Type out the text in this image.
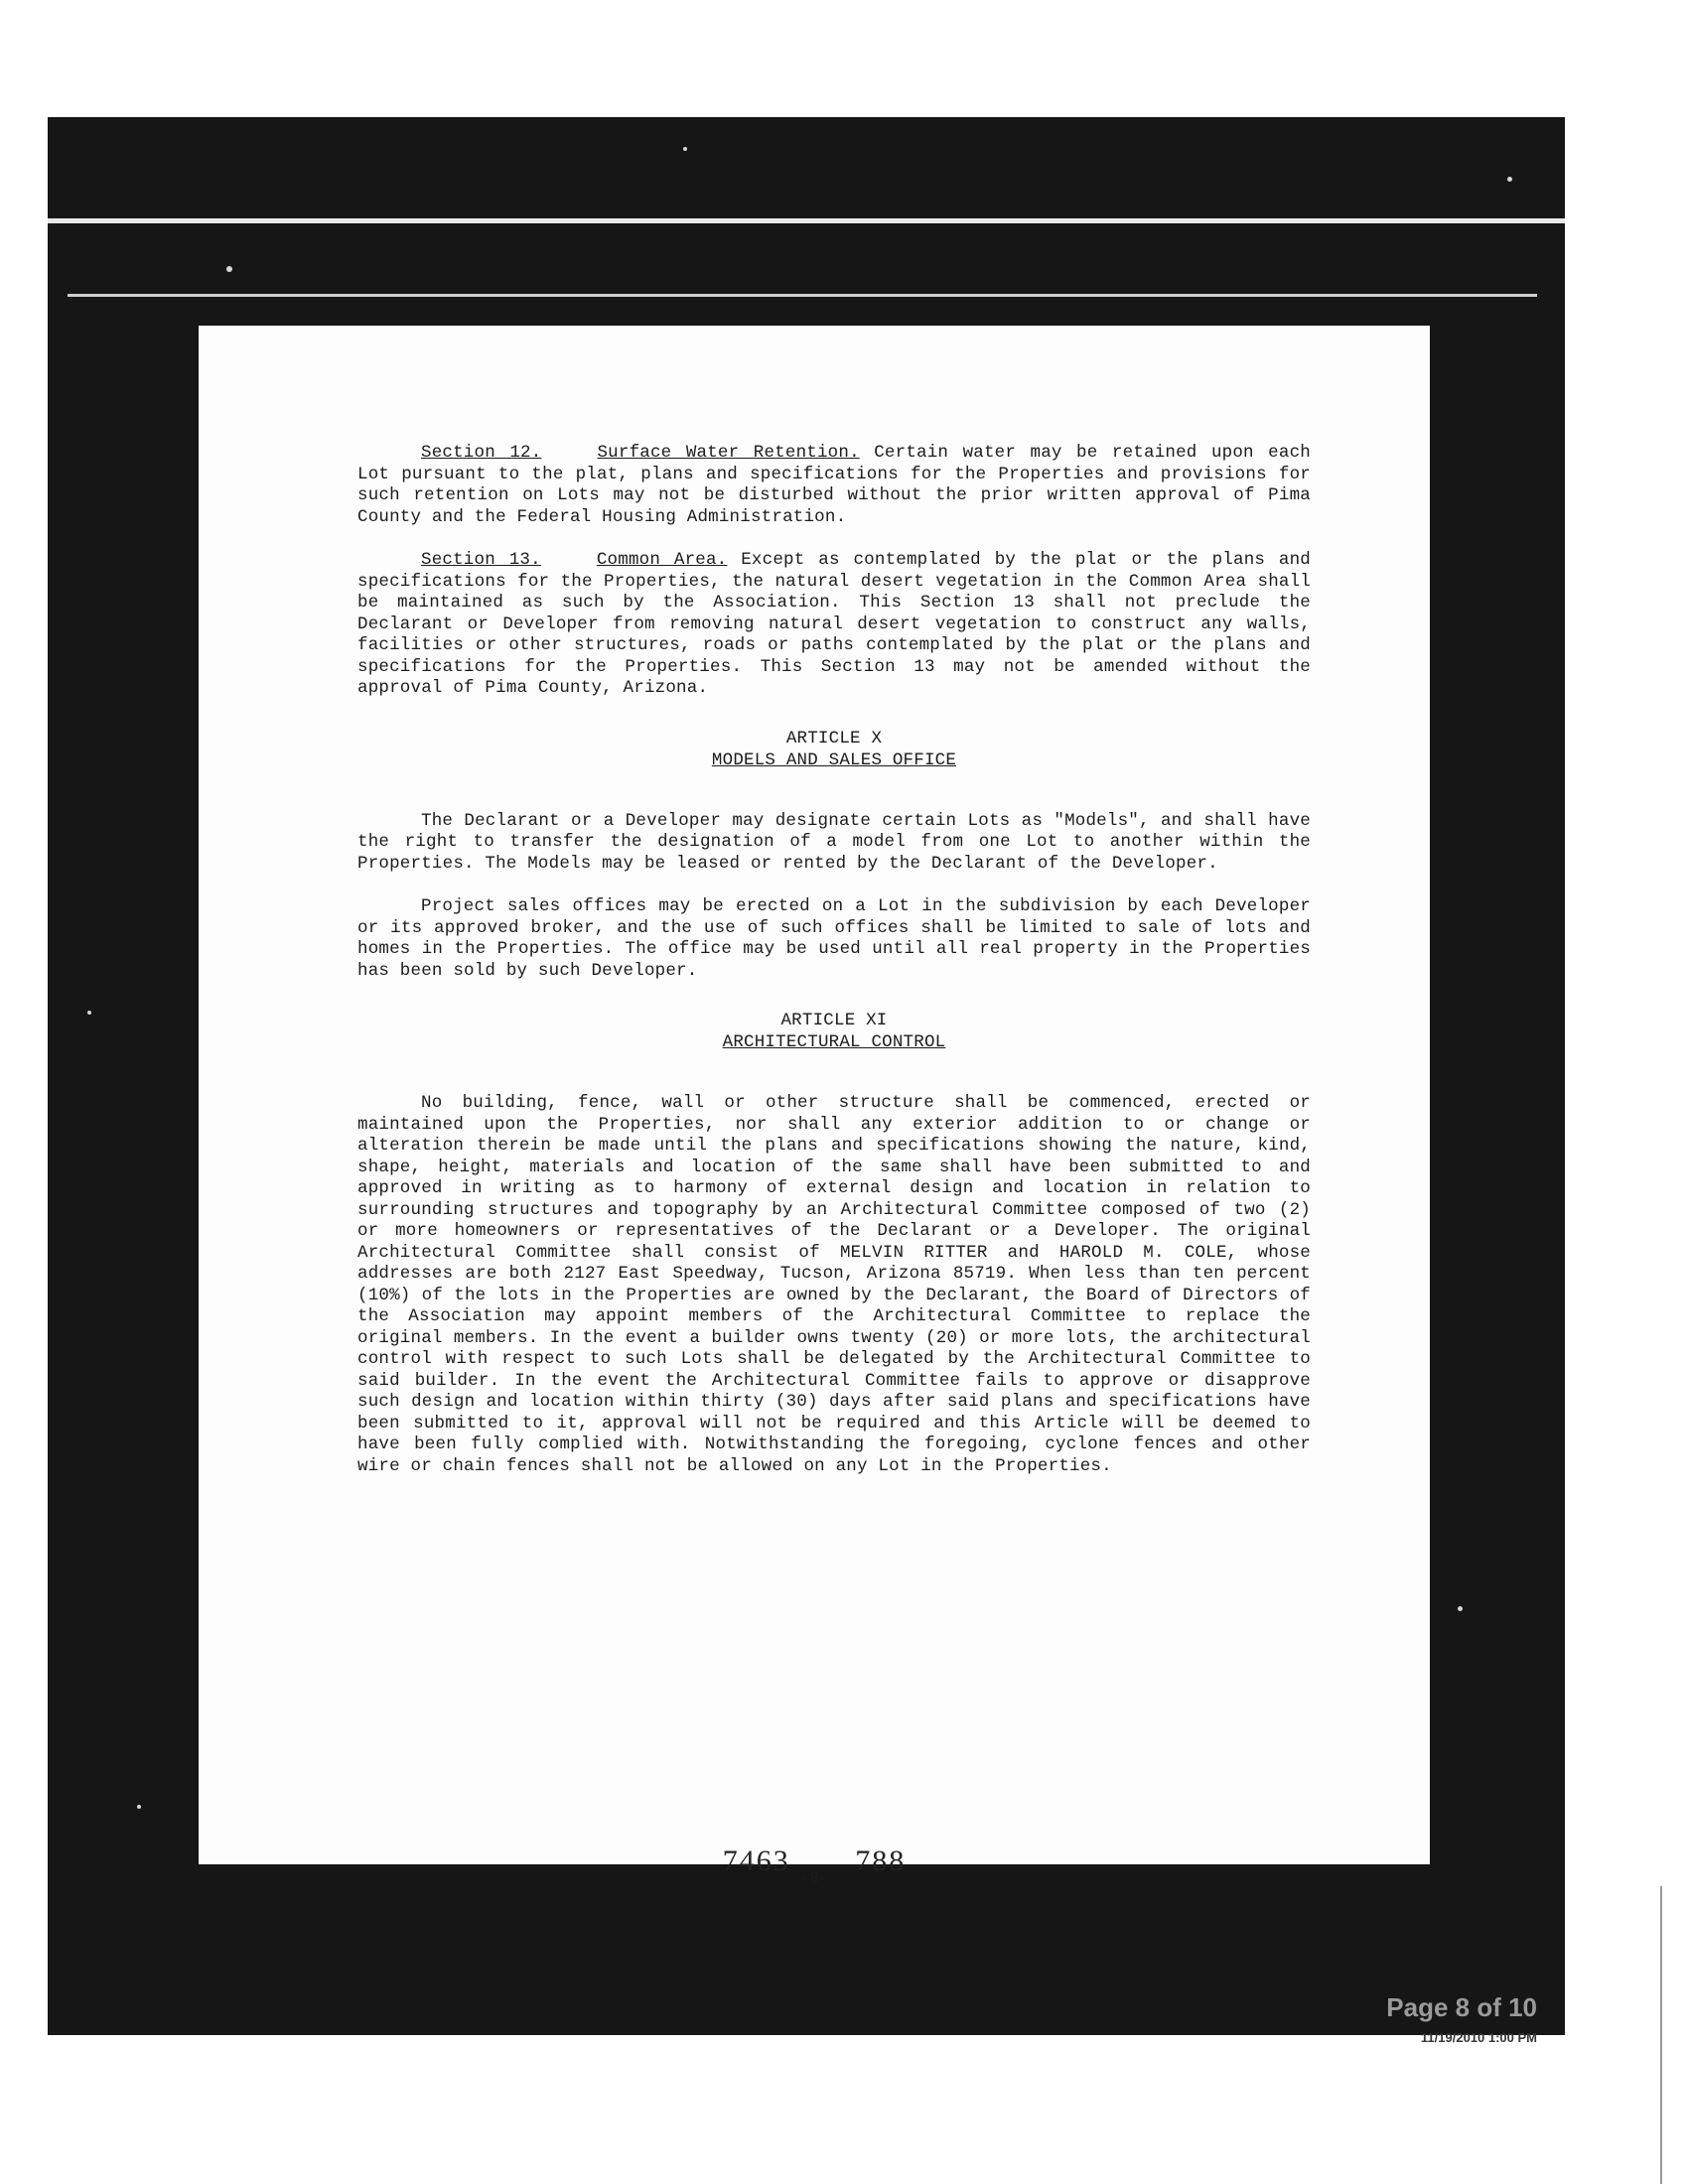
Section 12.	Surface Water Retention. Certain water may be retained upon each Lot pursuant to the plat, plans and specifications for the Properties and provisions for such retention on Lots may not be disturbed without the prior written approval of Pima County and the Federal Housing Administration.

Section 13.	Common Area. Except as contemplated by the plat or the plans and specifications for the Properties, the natural desert vegetation in the Common Area shall be maintained as such by the Association. This Section 13 shall not preclude the Declarant or Developer from removing natural desert vegetation to construct any walls, facilities or other structures, roads or paths contemplated by the plat or the plans and specifications for the Properties. This Section 13 may not be amended without the approval of Pima County, Arizona.

ARTICLE X
MODELS AND SALES OFFICE

The Declarant or a Developer may designate certain Lots as "Models", and shall have the right to transfer the designation of a model from one Lot to another within the Properties. The Models may be leased or rented by the Declarant of the Developer.

Project sales offices may be erected on a Lot in the subdivision by each Developer or its approved broker, and the use of such offices shall be limited to sale of lots and homes in the Properties. The office may be used until all real property in the Properties has been sold by such Developer.

ARTICLE XI
ARCHITECTURAL CONTROL

No building, fence, wall or other structure shall be commenced, erected or maintained upon the Properties, nor shall any exterior addition to or change or alteration therein be made until the plans and specifications showing the nature, kind, shape, height, materials and location of the same shall have been submitted to and approved in writing as to harmony of external design and location in relation to surrounding structures and topography by an Architectural Committee composed of two (2) or more homeowners or representatives of the Declarant or a Developer. The original Architectural Committee shall consist of MELVIN RITTER and HAROLD M. COLE, whose addresses are both 2127 East Speedway, Tucson, Arizona 85719. When less than ten percent (10%) of the lots in the Properties are owned by the Declarant, the Board of Directors of the Association may appoint members of the Architectural Committee to replace the original members. In the event a builder owns twenty (20) or more lots, the architectural control with respect to such Lots shall be delegated by the Architectural Committee to said builder. In the event the Architectural Committee fails to approve or disapprove such design and location within thirty (30) days after said plans and specifications have been submitted to it, approval will not be required and this Article will be deemed to have been fully complied with. Notwithstanding the foregoing, cyclone fences and other wire or chain fences shall not be allowed on any Lot in the Properties.

7463 788
-8-
Page 8 of 10
11/19/2010 1:00 PM
